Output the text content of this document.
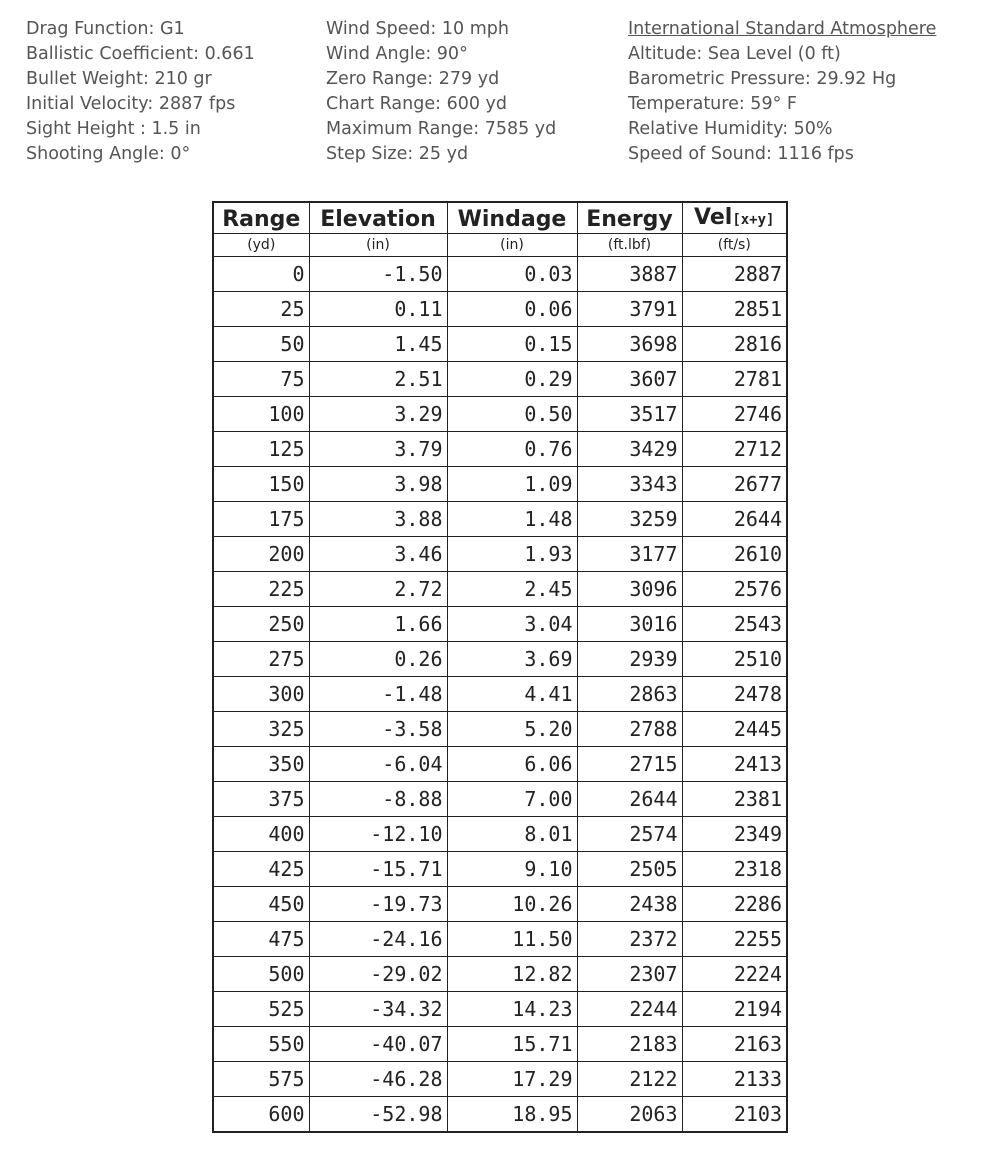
Drag Function: G1
Ballistic Coefficient: 0.661
Bullet Weight: 210 gr
Initial Velocity: 2887 fps
Sight Height : 1.5 in
Shooting Angle: 0°
Wind Speed: 10 mph
Wind Angle: 90°
Zero Range: 279 yd
Chart Range: 600 yd
Maximum Range: 7585 yd
Step Size: 25 yd
International Standard Atmosphere
Altitude: Sea Level (0 ft)
Barometric Pressure: 29.92 Hg
Temperature: 59° F
Relative Humidity: 50%
Speed of Sound: 1116 fps
Range	Elevation	Windage	Energy	Vel[x+y]
(yd)	(in)	(in)	(ft.lbf)	(ft/s)
0	-1.50	0.03	3887	2887
25	0.11	0.06	3791	2851
50	1.45	0.15	3698	2816
75	2.51	0.29	3607	2781
100	3.29	0.50	3517	2746
125	3.79	0.76	3429	2712
150	3.98	1.09	3343	2677
175	3.88	1.48	3259	2644
200	3.46	1.93	3177	2610
225	2.72	2.45	3096	2576
250	1.66	3.04	3016	2543
275	0.26	3.69	2939	2510
300	-1.48	4.41	2863	2478
325	-3.58	5.20	2788	2445
350	-6.04	6.06	2715	2413
375	-8.88	7.00	2644	2381
400	-12.10	8.01	2574	2349
425	-15.71	9.10	2505	2318
450	-19.73	10.26	2438	2286
475	-24.16	11.50	2372	2255
500	-29.02	12.82	2307	2224
525	-34.32	14.23	2244	2194
550	-40.07	15.71	2183	2163
575	-46.28	17.29	2122	2133
600	-52.98	18.95	2063	2103
